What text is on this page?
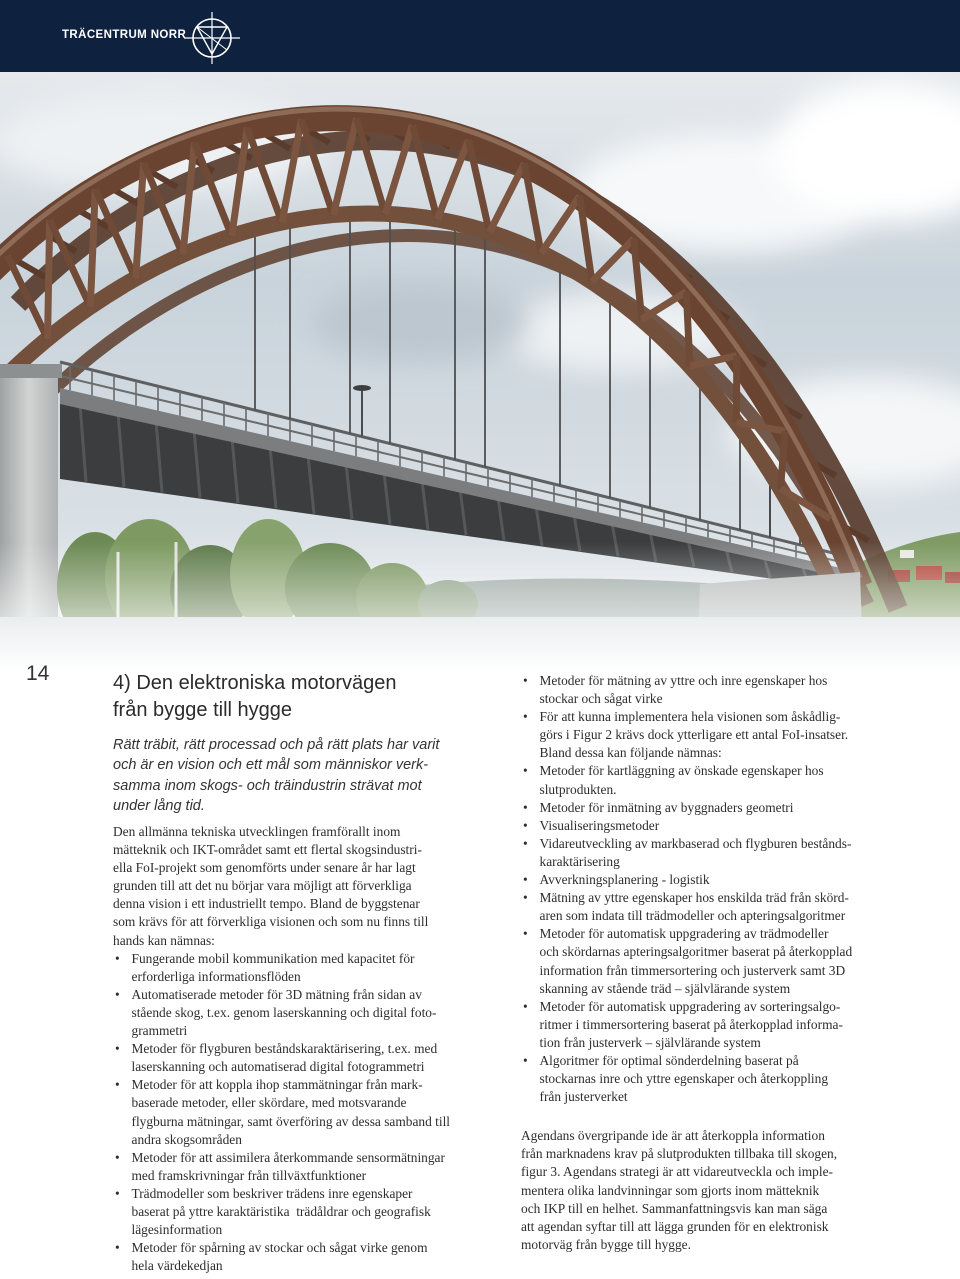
TRÄCENTRUM NORR
14	4) Den elektroniska motorvägen
från bygge till hygge
Rätt träbit, rätt processad och på rätt plats har varit
och är en vision och ett mål som människor verk-
samma inom skogs- och träindustrin strävat mot
under lång tid.
Den allmänna tekniska utvecklingen framförallt inom
mätteknik och IKT-området samt ett flertal skogsindustri-
ella FoI-projekt som genomförts under senare år har lagt
grunden till att det nu börjar vara möjligt att förverkliga
denna vision i ett industriellt tempo. Bland de byggstenar
som krävs för att förverkliga visionen och som nu finns till
hands kan nämnas:
• Fungerande mobil kommunikation med kapacitet för
erforderliga informationsflöden
• Automatiserade metoder för 3D mätning från sidan av
stående skog, t.ex. genom laserskanning och digital foto-
grammetri
• Metoder för flygburen beståndskaraktärisering, t.ex. med
laserskanning och automatiserad digital fotogrammetri
• Metoder för att koppla ihop stammätningar från mark-
baserade metoder, eller skördare, med motsvarande
flygburna mätningar, samt överföring av dessa samband till
andra skogsområden
• Metoder för att assimilera återkommande sensormätningar
med framskrivningar från tillväxtfunktioner
• Trädmodeller som beskriver trädens inre egenskaper
baserat på yttre karaktäristika  trädåldrar och geografisk
lägesinformation
• Metoder för spårning av stockar och sågat virke genom
hela värdekedjan
• Metoder för mätning av yttre och inre egenskaper hos
stockar och sågat virke
• För att kunna implementera hela visionen som åskådlig-
görs i Figur 2 krävs dock ytterligare ett antal FoI-insatser.
Bland dessa kan följande nämnas:
• Metoder för kartläggning av önskade egenskaper hos
slutprodukten.
• Metoder för inmätning av byggnaders geometri
• Visualiseringsmetoder
• Vidareutveckling av markbaserad och flygburen bestånds-
karaktärisering
• Avverkningsplanering - logistik
• Mätning av yttre egenskaper hos enskilda träd från skörd-
aren som indata till trädmodeller och apteringsalgoritmer
• Metoder för automatisk uppgradering av trädmodeller
och skördarnas apteringsalgoritmer baserat på återkopplad
information från timmersortering och justerverk samt 3D
skanning av stående träd – självlärande system
• Metoder för automatisk uppgradering av sorteringsalgo-
ritmer i timmersortering baserat på återkopplad informa-
tion från justerverk – självlärande system
• Algoritmer för optimal sönderdelning baserat på
stockarnas inre och yttre egenskaper och återkoppling
från justerverket
Agendans övergripande ide är att återkoppla information
från marknadens krav på slutprodukten tillbaka till skogen,
figur 3. Agendans strategi är att vidareutveckla och imple-
mentera olika landvinningar som gjorts inom mätteknik
och IKP till en helhet. Sammanfattningsvis kan man säga
att agendan syftar till att lägga grunden för en elektronisk
motorväg från bygge till hygge.
